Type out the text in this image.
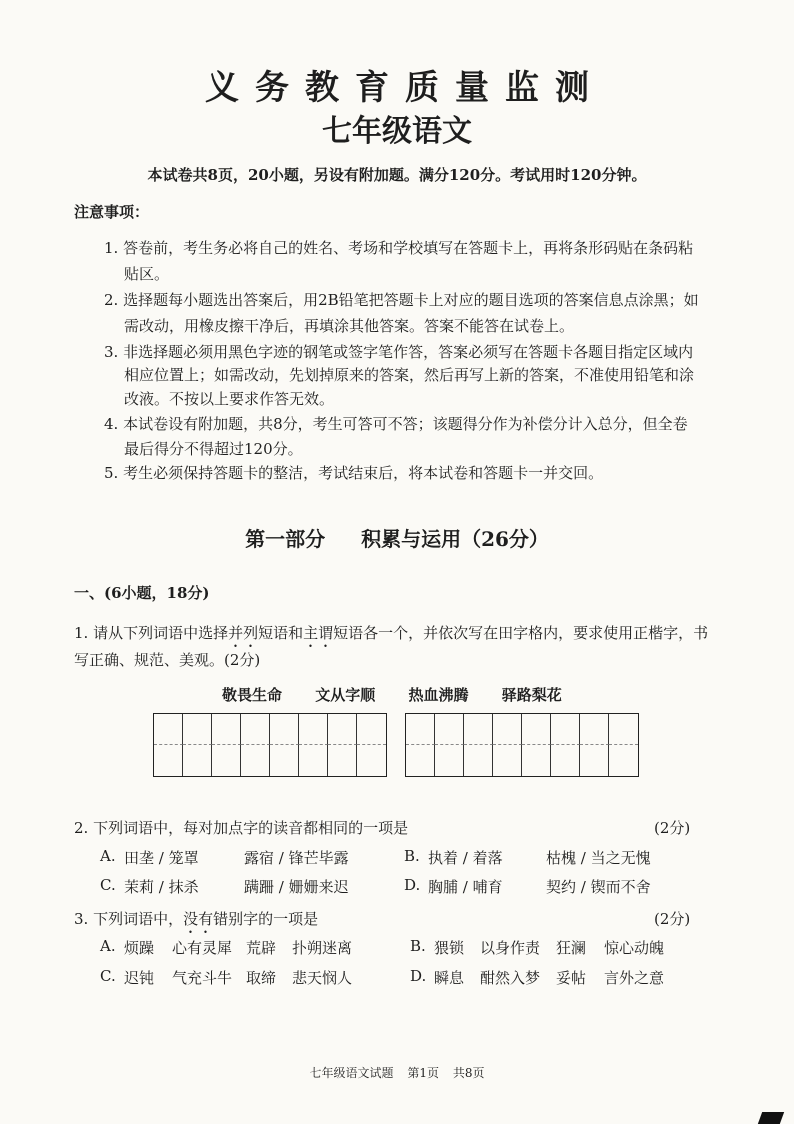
义务教育质量监测
七年级语文
本试卷共8页，20小题，另设有附加题。满分120分。考试用时120分钟。
注意事项：
1. 答卷前，考生务必将自己的姓名、考场和学校填写在答题卡上，再将条形码贴在条码粘
贴区。
2. 选择题每小题选出答案后，用2B铅笔把答题卡上对应的题目选项的答案信息点涂黑；如
需改动，用橡皮擦干净后，再填涂其他答案。答案不能答在试卷上。
3. 非选择题必须用黑色字迹的钢笔或签字笔作答，答案必须写在答题卡各题目指定区域内
相应位置上；如需改动，先划掉原来的答案，然后再写上新的答案，不准使用铅笔和涂
改液。不按以上要求作答无效。
4. 本试卷设有附加题，共8分，考生可答可不答；该题得分作为补偿分计入总分，但全卷
最后得分不得超过120分。
5. 考生必须保持答题卡的整洁，考试结束后，将本试卷和答题卡一并交回。
第一部分 积累与运用（26分）
一、(6小题，18分)
1. 请从下列词语中选择并列短语和主谓短语各一个，并依次写在田字格内，要求使用正楷字，书
写正确、规范、美观。(2分)
敬畏生命 文从字顺 热血沸腾 驿路梨花
2. 下列词语中，每对加点字的读音都相同的一项是	(2分)
A. 田垄 / 笼罩	露宿 / 锋芒毕露	B. 执着 / 着落	枯槐 / 当之无愧
C. 茉莉 / 抹杀	蹒跚 / 姗姗来迟	D. 胸脯 / 哺育	契约 / 锲而不舍
3. 下列词语中，没有错别字的一项是	(2分)
A. 烦躁 心有灵犀 荒辟 扑朔迷离	B. 猥锁 以身作责 狂澜 惊心动魄
C. 迟钝 气充斗牛 取缔 悲天悯人	D. 瞬息 酣然入梦 妥帖 言外之意
七年级语文试题 第1页 共8页
